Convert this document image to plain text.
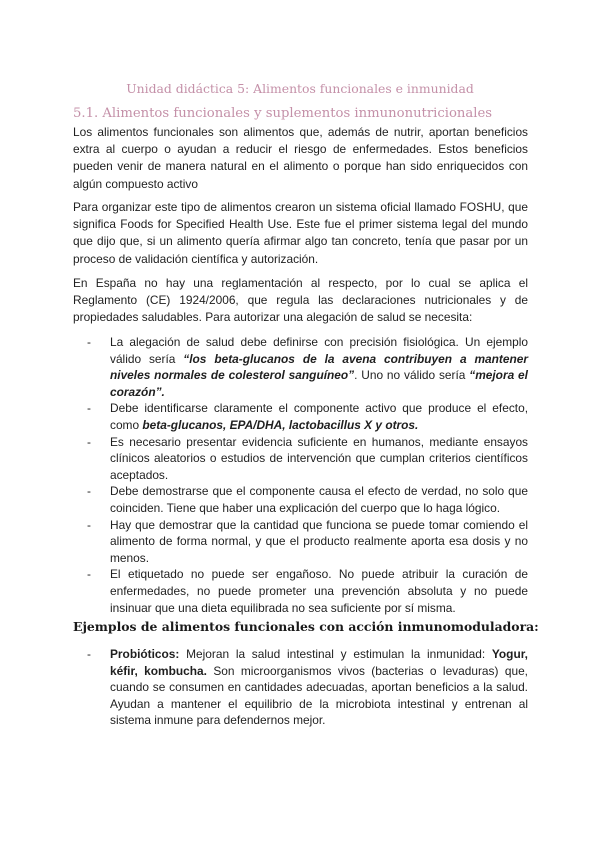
Unidad didáctica 5: Alimentos funcionales e inmunidad
5.1. Alimentos funcionales y suplementos inmunonutricionales

Los alimentos funcionales son alimentos que, además de nutrir, aportan beneficios extra al cuerpo o ayudan a reducir el riesgo de enfermedades. Estos beneficios pueden venir de manera natural en el alimento o porque han sido enriquecidos con algún compuesto activo

Para organizar este tipo de alimentos crearon un sistema oficial llamado FOSHU, que significa Foods for Specified Health Use. Este fue el primer sistema legal del mundo que dijo que, si un alimento quería afirmar algo tan concreto, tenía que pasar por un proceso de validación científica y autorización.

En España no hay una reglamentación al respecto, por lo cual se aplica el Reglamento (CE) 1924/2006, que regula las declaraciones nutricionales y de propiedades saludables. Para autorizar una alegación de salud se necesita:

- La alegación de salud debe definirse con precisión fisiológica. Un ejemplo válido sería “los beta-glucanos de la avena contribuyen a mantener niveles normales de colesterol sanguíneo”. Uno no válido sería “mejora el corazón”.
- Debe identificarse claramente el componente activo que produce el efecto, como beta-glucanos, EPA/DHA, lactobacillus X y otros.
- Es necesario presentar evidencia suficiente en humanos, mediante ensayos clínicos aleatorios o estudios de intervención que cumplan criterios científicos aceptados.
- Debe demostrarse que el componente causa el efecto de verdad, no solo que coinciden. Tiene que haber una explicación del cuerpo que lo haga lógico.
- Hay que demostrar que la cantidad que funciona se puede tomar comiendo el alimento de forma normal, y que el producto realmente aporta esa dosis y no menos.
- El etiquetado no puede ser engañoso. No puede atribuir la curación de enfermedades, no puede prometer una prevención absoluta y no puede insinuar que una dieta equilibrada no sea suficiente por sí misma.
Ejemplos de alimentos funcionales con acción inmunomoduladora:
- Probióticos: Mejoran la salud intestinal y estimulan la inmunidad: Yogur, kéfir, kombucha. Son microorganismos vivos (bacterias o levaduras) que, cuando se consumen en cantidades adecuadas, aportan beneficios a la salud. Ayudan a mantener el equilibrio de la microbiota intestinal y entrenan al sistema inmune para defendernos mejor.
